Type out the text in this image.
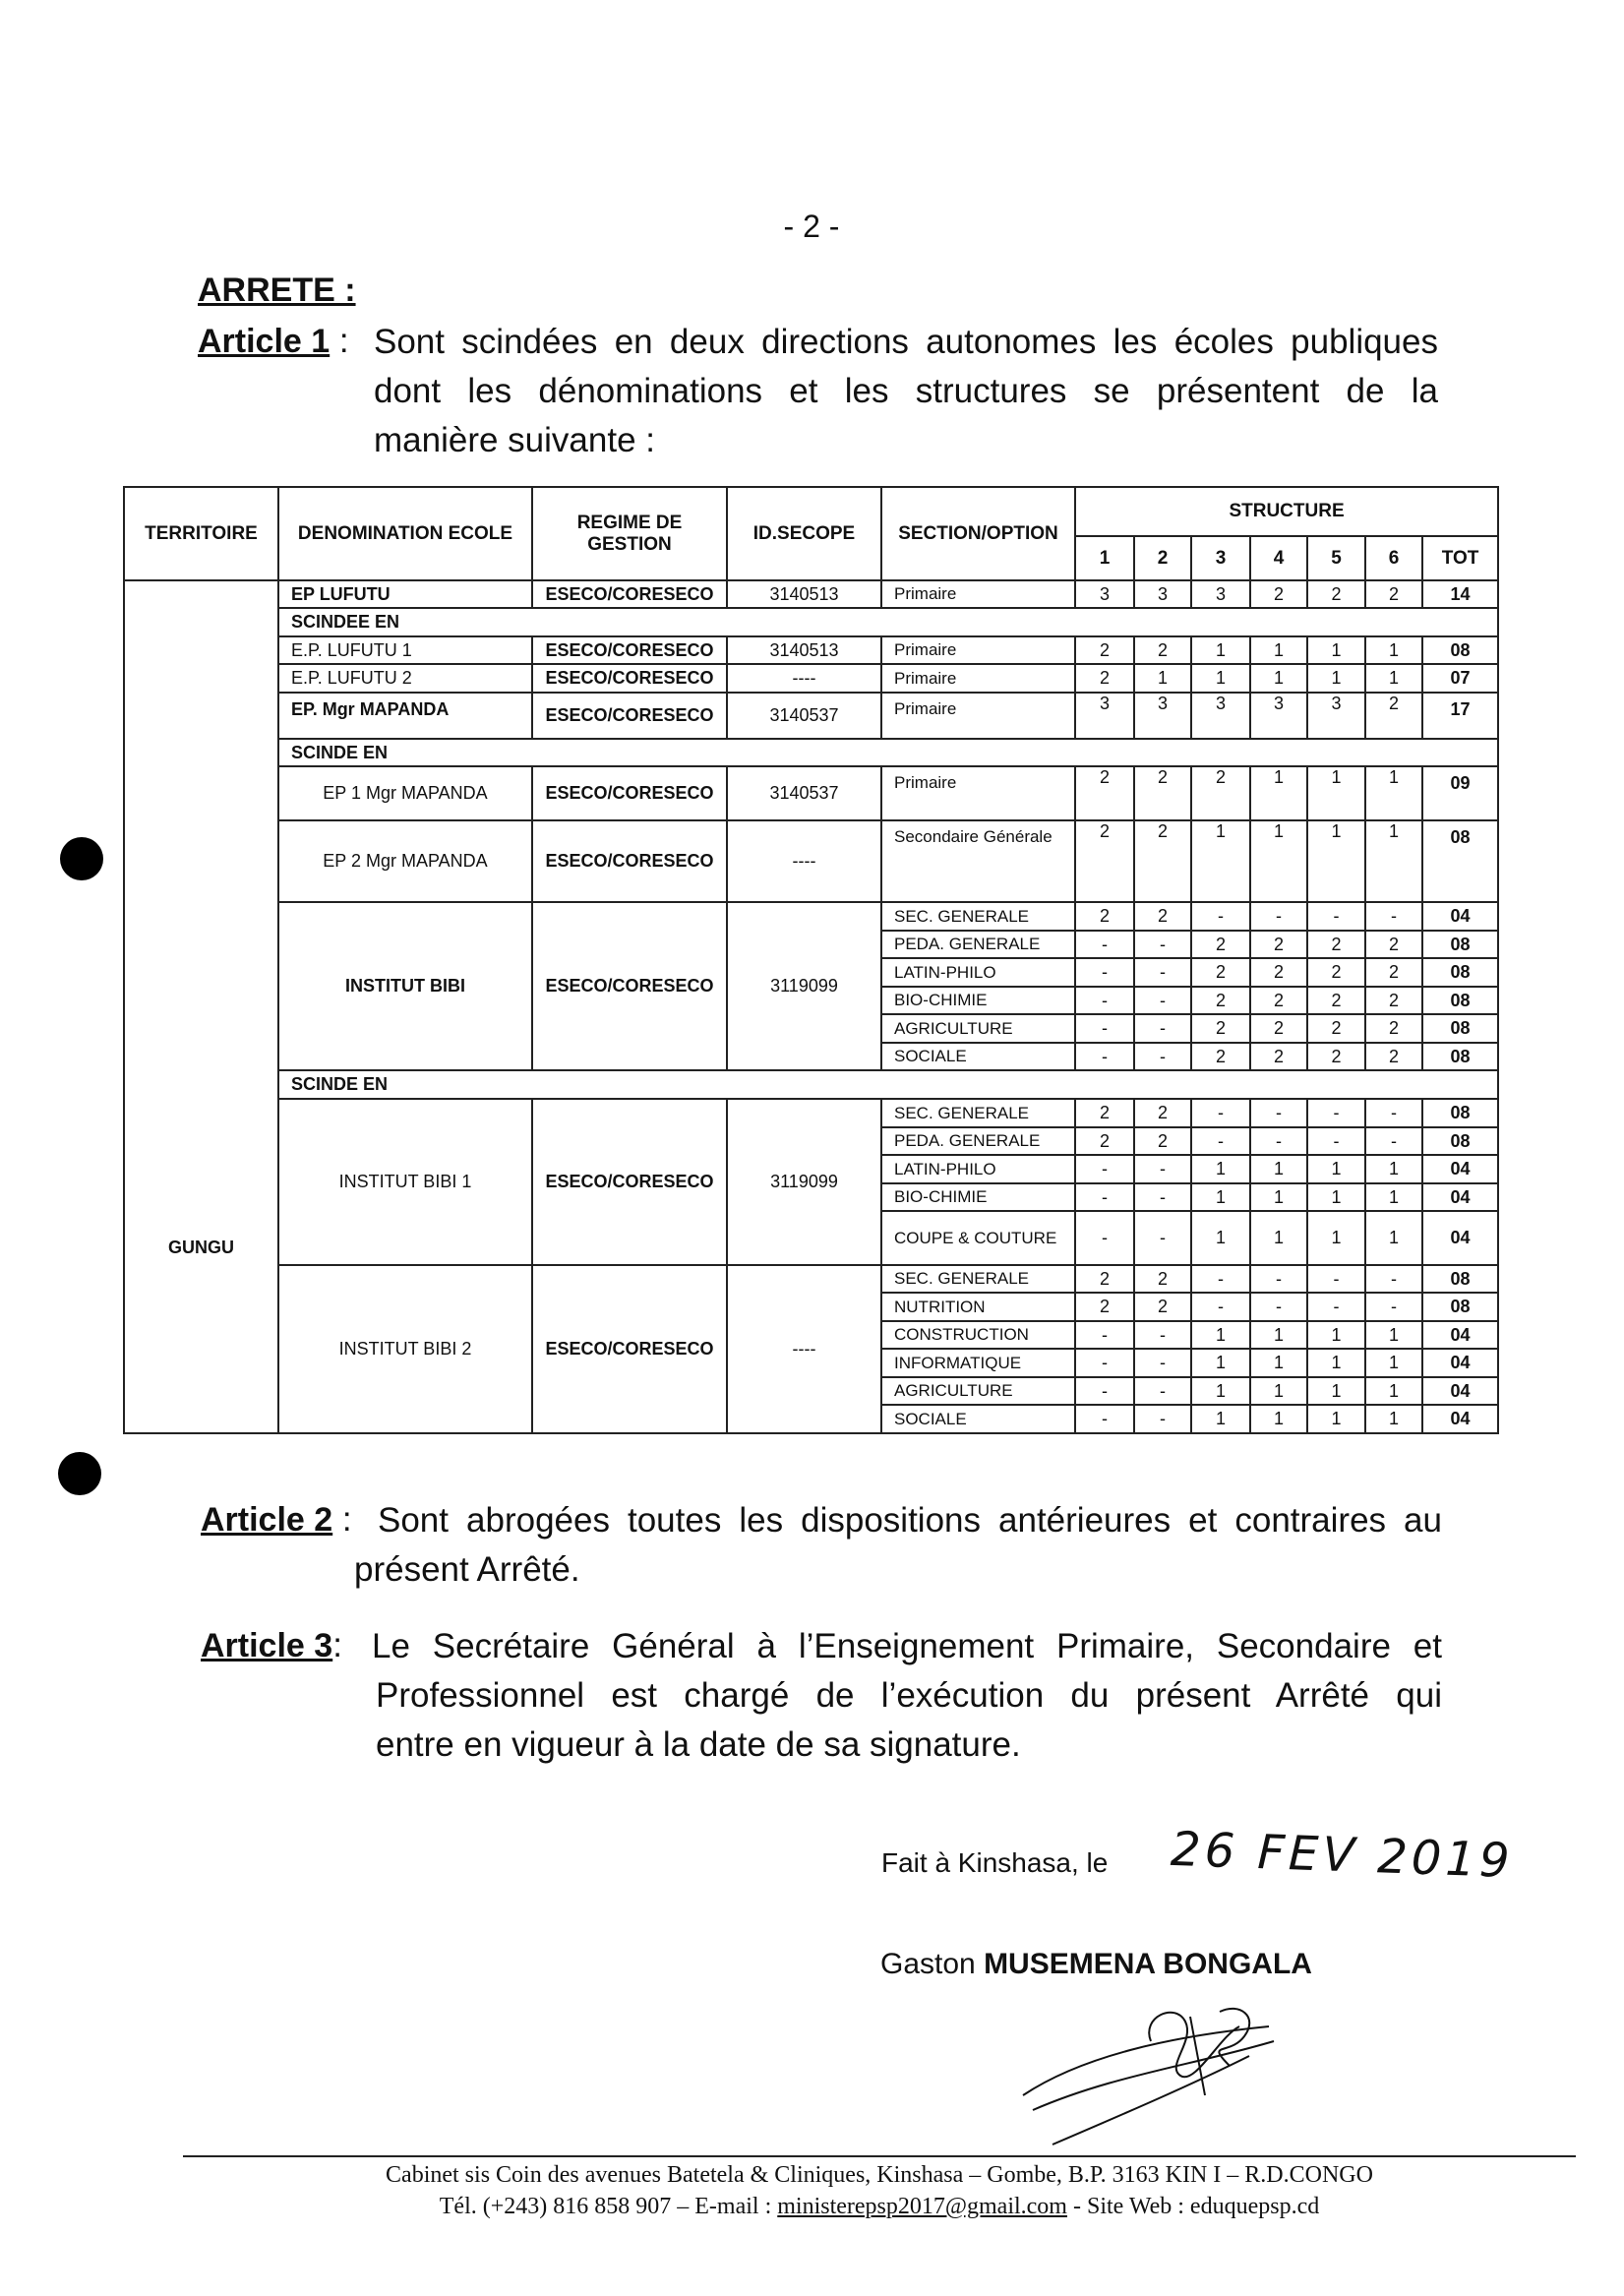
- 2 -
ARRETE :
Article 1 : Sont scindées en deux directions autonomes les écoles publiques
dont les dénominations et les structures se présentent de la
manière suivante :
TERRITOIRE	DENOMINATION ECOLE	REGIME DE GESTION	ID.SECOPE	SECTION/OPTION	STRUCTURE						
					1	2	3	4	5	6	TOT

GUNGU	EP LUFUTU	ESECO/CORESECO	3140513	Primaire	3	3	3	2	2	2	14
	SCINDEE EN										
	E.P. LUFUTU 1	ESECO/CORESECO	3140513	Primaire	2	2	1	1	1	1	08
	E.P. LUFUTU 2	ESECO/CORESECO	----	Primaire	2	1	1	1	1	1	07
	EP. Mgr MAPANDA	ESECO/CORESECO	3140537	Primaire	3	3	3	3	3	2	17
	SCINDE EN										
	EP 1 Mgr MAPANDA	ESECO/CORESECO	3140537	Primaire	2	2	2	1	1	1	09
	EP 2 Mgr MAPANDA	ESECO/CORESECO	----	Secondaire Générale	2	2	1	1	1	1	08
	INSTITUT BIBI	ESECO/CORESECO	3119099	SEC. GENERALE	2	2	-	-	-	-	04
				PEDA. GENERALE	-	-	2	2	2	2	08
				LATIN-PHILO	-	-	2	2	2	2	08
				BIO-CHIMIE	-	-	2	2	2	2	08
				AGRICULTURE	-	-	2	2	2	2	08
				SOCIALE	-	-	2	2	2	2	08
	SCINDE EN										
	INSTITUT BIBI 1	ESECO/CORESECO	3119099	SEC. GENERALE	2	2	-	-	-	-	08
				PEDA. GENERALE	2	2	-	-	-	-	08
				LATIN-PHILO	-	-	1	1	1	1	04
				BIO-CHIMIE	-	-	1	1	1	1	04
				COUPE & COUTURE	-	-	1	1	1	1	04
	INSTITUT BIBI 2	ESECO/CORESECO	----	SEC. GENERALE	2	2	-	-	-	-	08
				NUTRITION	2	2	-	-	-	-	08
				CONSTRUCTION	-	-	1	1	1	1	04
				INFORMATIQUE	-	-	1	1	1	1	04
				AGRICULTURE	-	-	1	1	1	1	04
				SOCIALE	-	-	1	1	1	1	04
Article 2 : Sont abrogées toutes les dispositions antérieures et contraires au
présent Arrêté.
Article 3: Le Secrétaire Général à l’Enseignement Primaire, Secondaire et
Professionnel est chargé de l’exécution du présent Arrêté qui
entre en vigueur à la date de sa signature.
Fait à Kinshasa, le 26 FEV 2019
Gaston MUSEMENA BONGALA
Cabinet sis Coin des avenues Batetela & Cliniques, Kinshasa – Gombe, B.P. 3163 KIN I – R.D.CONGO
Tél. (+243) 816 858 907 – E-mail : ministerepsp2017@gmail.com - Site Web : eduquepsp.cd
